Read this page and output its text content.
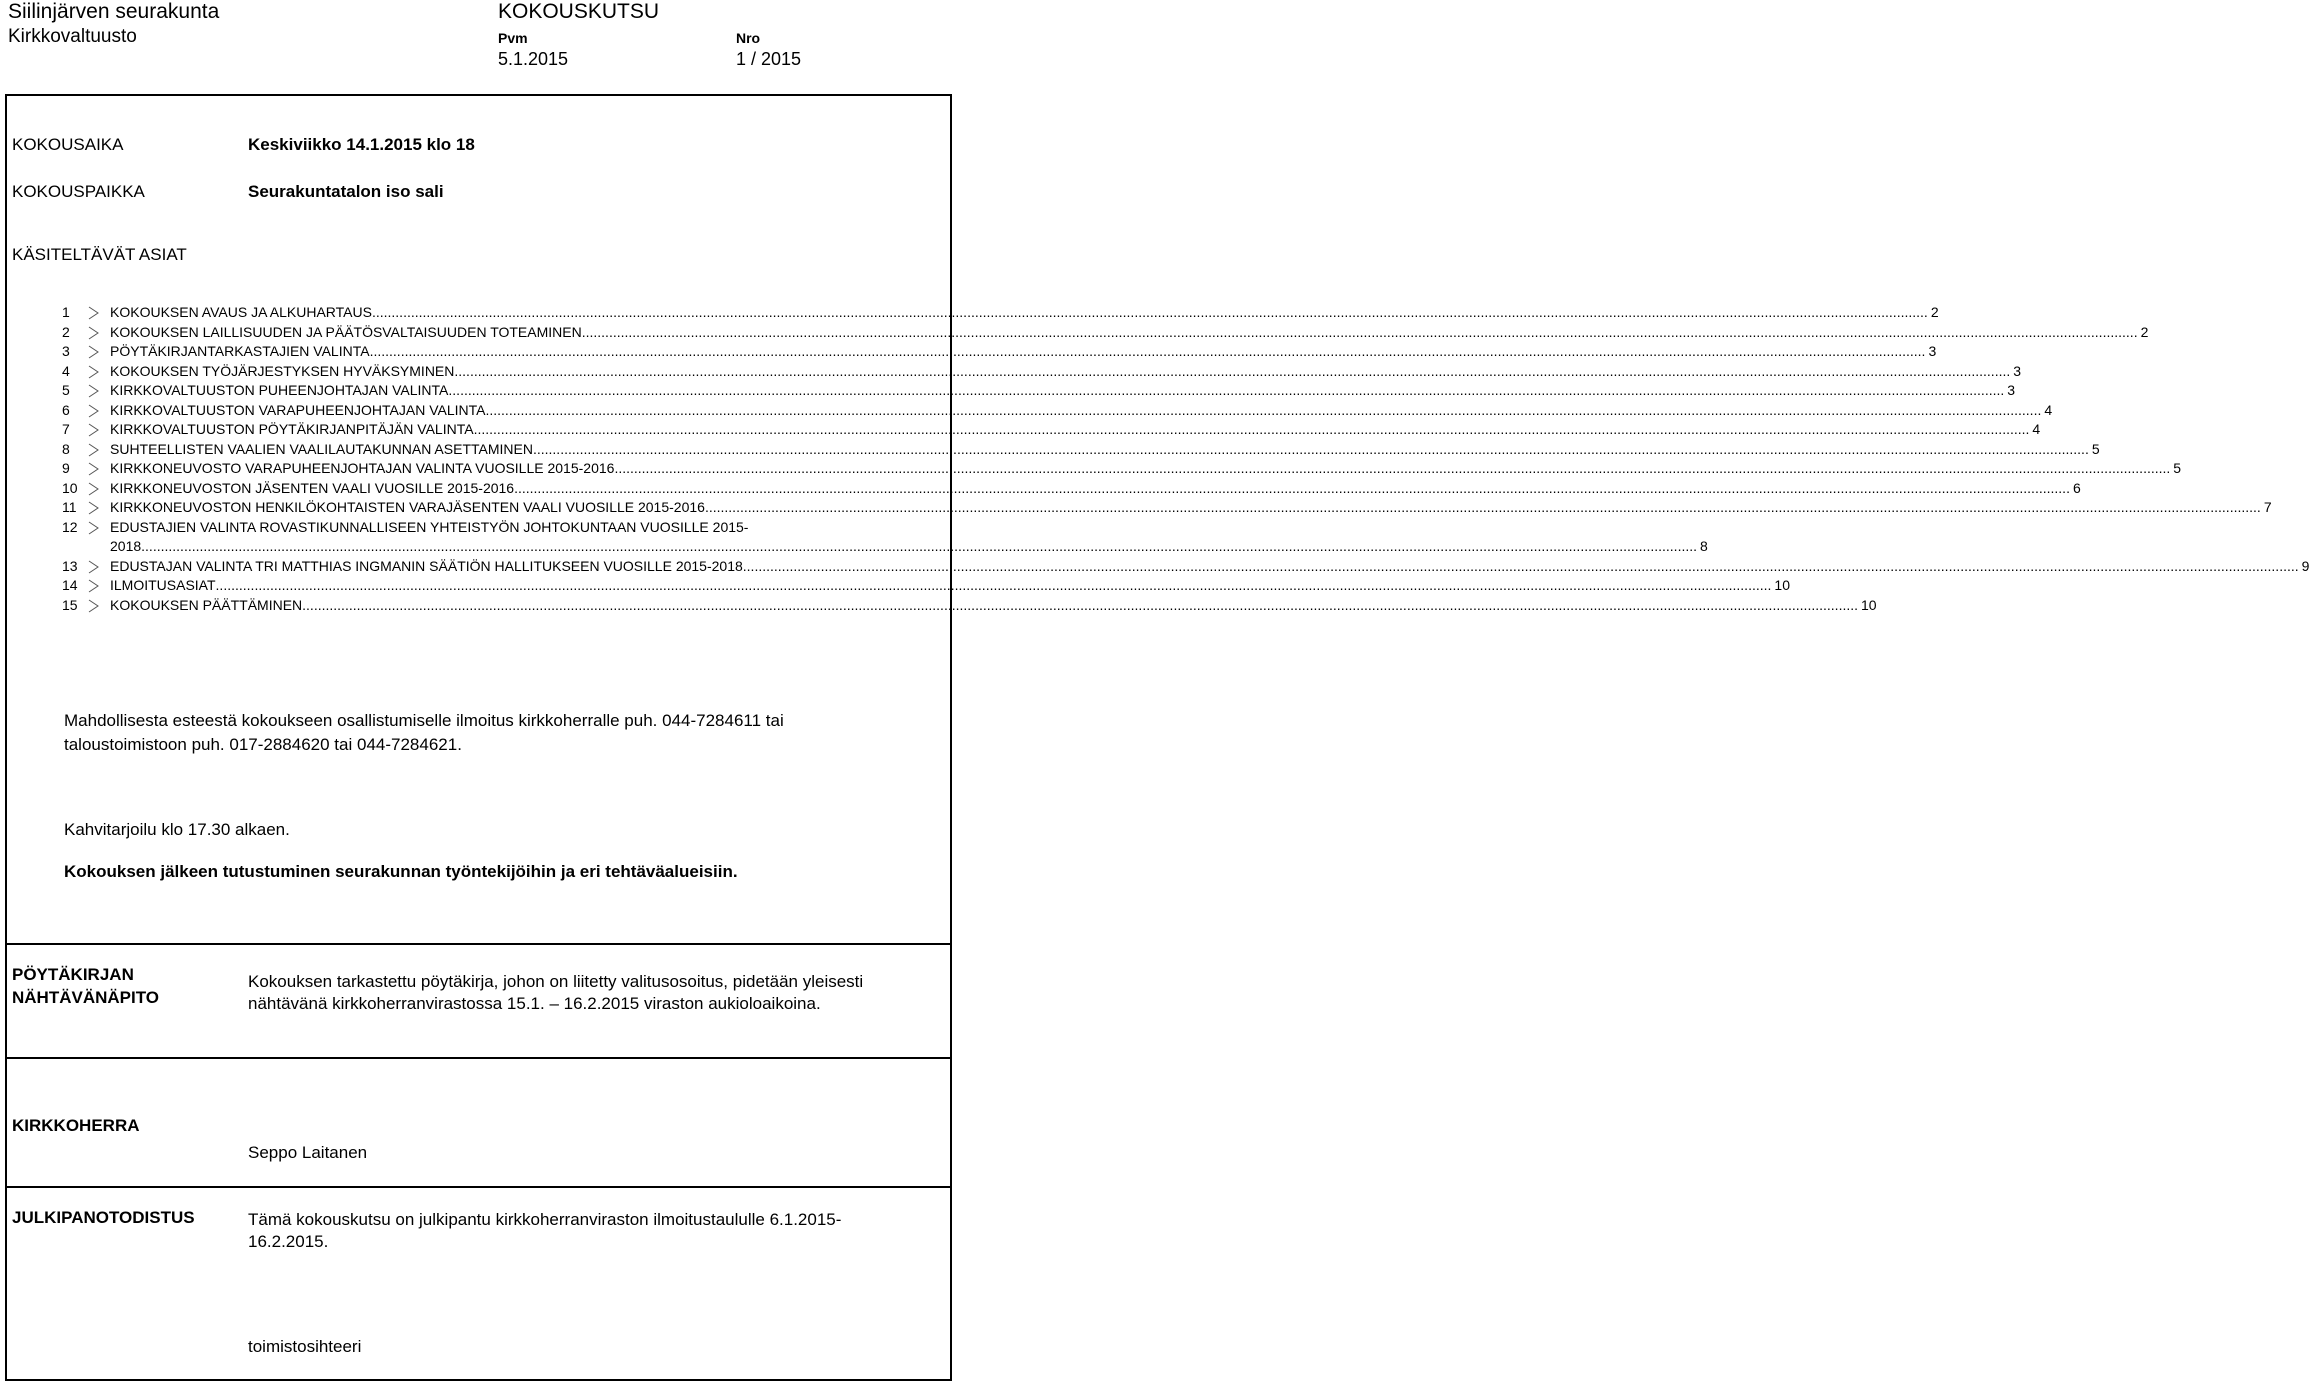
Siilinjärven seurakunta
Kirkkovaltuusto
KOKOUSKUTSU
Pvm	Nro
5.1.2015	1 / 2015
KOKOUSAIKA	Keskiviikko 14.1.2015 klo 18
KOKOUSPAIKKA	Seurakuntatalon iso sali
KÄSITELTÄVÄT ASIAT
1	KOKOUKSEN AVAUS JA ALKUHARTAUS ................................................................................................................................................................................................................................................................................................................................................................................................................ 2
2	KOKOUKSEN LAILLISUUDEN JA PÄÄTÖSVALTAISUUDEN TOTEAMINEN ................................................................................................................................................................................................................................................................................................................................................................................................................ 2
3	PÖYTÄKIRJANTARKASTAJIEN VALINTA ................................................................................................................................................................................................................................................................................................................................................................................................................ 3
4	KOKOUKSEN TYÖJÄRJESTYKSEN HYVÄKSYMINEN ................................................................................................................................................................................................................................................................................................................................................................................................................ 3
5	KIRKKOVALTUUSTON PUHEENJOHTAJAN VALINTA ................................................................................................................................................................................................................................................................................................................................................................................................................ 3
6	KIRKKOVALTUUSTON VARAPUHEENJOHTAJAN VALINTA ................................................................................................................................................................................................................................................................................................................................................................................................................ 4
7	KIRKKOVALTUUSTON PÖYTÄKIRJANPITÄJÄN VALINTA ................................................................................................................................................................................................................................................................................................................................................................................................................ 4
8	SUHTEELLISTEN VAALIEN VAALILAUTAKUNNAN ASETTAMINEN ................................................................................................................................................................................................................................................................................................................................................................................................................ 5
9	KIRKKONEUVOSTO VARAPUHEENJOHTAJAN VALINTA VUOSILLE 2015-2016 ................................................................................................................................................................................................................................................................................................................................................................................................................ 5
10	KIRKKONEUVOSTON JÄSENTEN VAALI VUOSILLE 2015-2016 ................................................................................................................................................................................................................................................................................................................................................................................................................ 6
11	KIRKKONEUVOSTON HENKILÖKOHTAISTEN VARAJÄSENTEN VAALI VUOSILLE 2015-2016 ................................................................................................................................................................................................................................................................................................................................................................................................................ 7
12	EDUSTAJIEN VALINTA ROVASTIKUNNALLISEEN YHTEISTYÖN JOHTOKUNTAAN VUOSILLE 2015-
2018 ................................................................................................................................................................................................................................................................................................................................................................................................................ 8
13	EDUSTAJAN VALINTA TRI MATTHIAS INGMANIN SÄÄTIÖN HALLITUKSEEN VUOSILLE 2015-2018 ................................................................................................................................................................................................................................................................................................................................................................................................................ 9
14	ILMOITUSASIAT ................................................................................................................................................................................................................................................................................................................................................................................................................ 10
15	KOKOUKSEN PÄÄTTÄMINEN ................................................................................................................................................................................................................................................................................................................................................................................................................ 10
Mahdollisesta esteestä kokoukseen osallistumiselle ilmoitus kirkkoherralle puh. 044-7284611 tai
taloustoimistoon puh. 017-2884620 tai 044-7284621.
Kahvitarjoilu klo 17.30 alkaen.
Kokouksen jälkeen tutustuminen seurakunnan työntekijöihin ja eri tehtäväalueisiin.
PÖYTÄKIRJAN
NÄHTÄVÄNÄPITO
Kokouksen tarkastettu pöytäkirja, johon on liitetty valitusosoitus, pidetään yleisesti
nähtävänä kirkkoherranvirastossa 15.1. – 16.2.2015 viraston aukioloaikoina.
KIRKKOHERRA
Seppo Laitanen
JULKIPANOTODISTUS	Tämä kokouskutsu on julkipantu kirkkoherranviraston ilmoitustaululle 6.1.2015-
16.2.2015.
toimistosihteeri
